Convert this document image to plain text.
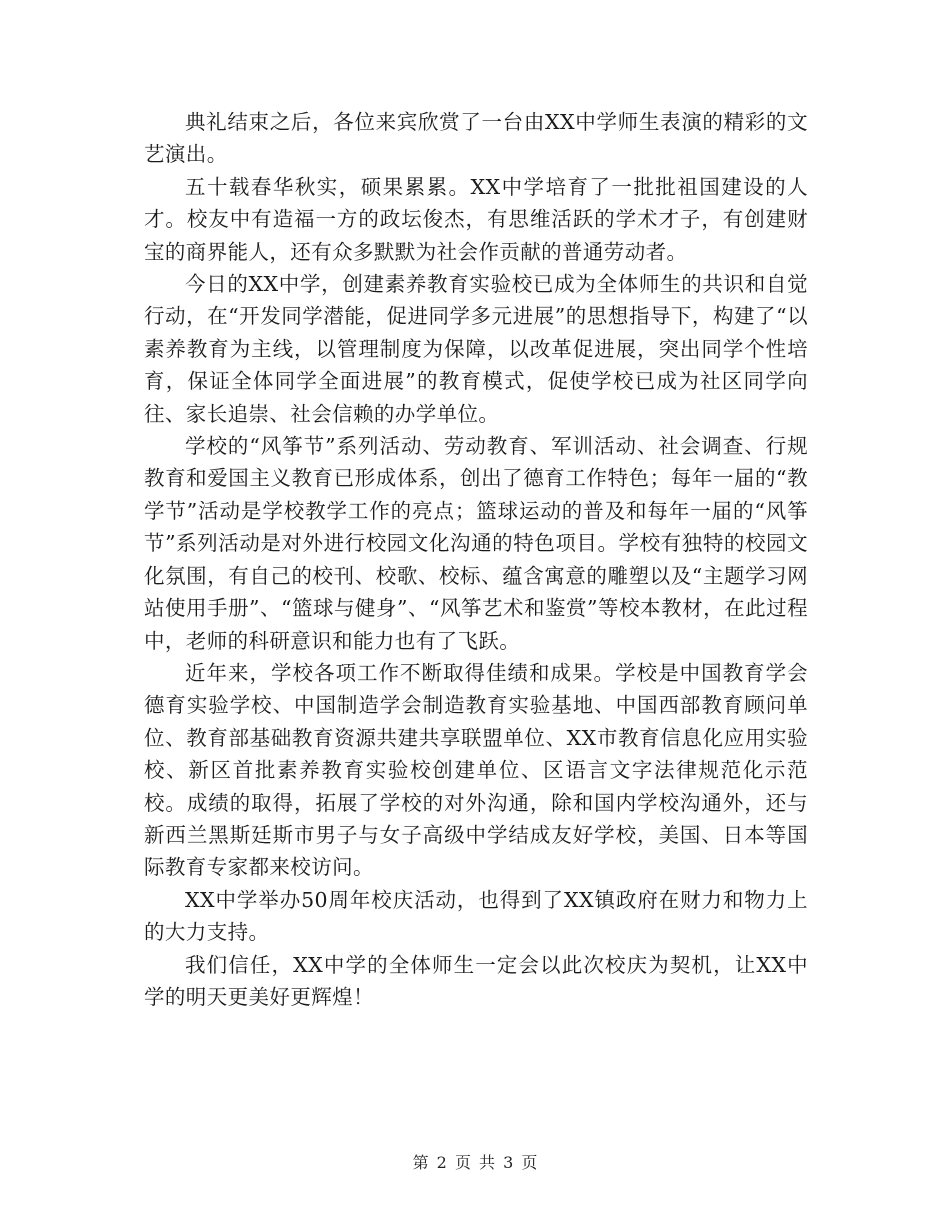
典礼结束之后，各位来宾欣赏了一台由XX中学师生表演的精彩的文艺演出。

五十载春华秋实，硕果累累。XX中学培育了一批批祖国建设的人才。校友中有造福一方的政坛俊杰，有思维活跃的学术才子，有创建财宝的商界能人，还有众多默默为社会作贡献的普通劳动者。

今日的XX中学，创建素养教育实验校已成为全体师生的共识和自觉行动，在“开发同学潜能，促进同学多元进展”的思想指导下，构建了“以素养教育为主线，以管理制度为保障，以改革促进展，突出同学个性培育，保证全体同学全面进展”的教育模式，促使学校已成为社区同学向往、家长追崇、社会信赖的办学单位。

学校的“风筝节”系列活动、劳动教育、军训活动、社会调查、行规教育和爱国主义教育已形成体系，创出了德育工作特色；每年一届的“教学节”活动是学校教学工作的亮点；篮球运动的普及和每年一届的“风筝节”系列活动是对外进行校园文化沟通的特色项目。学校有独特的校园文化氛围，有自己的校刊、校歌、校标、蕴含寓意的雕塑以及“主题学习网站使用手册”、“篮球与健身”、“风筝艺术和鉴赏”等校本教材，在此过程中，老师的科研意识和能力也有了飞跃。

近年来，学校各项工作不断取得佳绩和成果。学校是中国教育学会德育实验学校、中国制造学会制造教育实验基地、中国西部教育顾问单位、教育部基础教育资源共建共享联盟单位、XX市教育信息化应用实验校、新区首批素养教育实验校创建单位、区语言文字法律规范化示范校。成绩的取得，拓展了学校的对外沟通，除和国内学校沟通外，还与新西兰黑斯廷斯市男子与女子高级中学结成友好学校，美国、日本等国际教育专家都来校访问。

XX中学举办50周年校庆活动，也得到了XX镇政府在财力和物力上的大力支持。

我们信任，XX中学的全体师生一定会以此次校庆为契机，让XX中学的明天更美好更辉煌！

第 2 页 共 3 页
